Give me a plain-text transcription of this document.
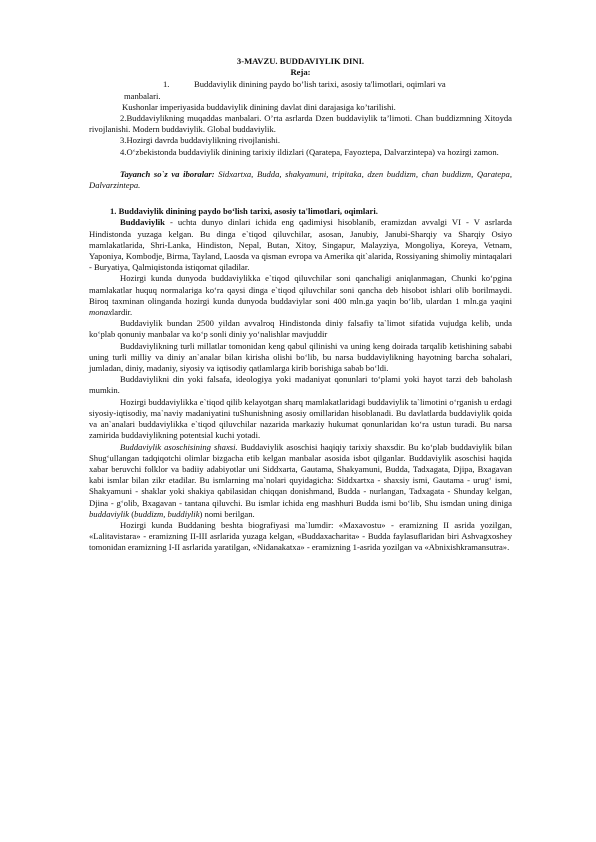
3-MAVZU. BUDDAVIYLIK DINI.
Reja:
1.	Buddaviylik dinining paydo bo’lish tarixi, asosiy ta'limotlari, oqimlari va

manbalari.

Kushonlar imperiyasida buddaviylik dinining davlat dini darajasiga ko’tarilishi.

2.Buddaviylikning muqaddas manbalari. O’rta asrlarda Dzen buddaviylik ta’limoti. Chan buddizmning Xitoyda rivojlanishi. Modern buddaviylik. Global buddaviylik.

3.Hozirgi davrda buddaviylikning rivojlanishi.

4.O‘zbekistonda buddaviylik dinining tarixiy ildizlari (Qaratepa, Fayoztepa, Dalvarzintepa) va hozirgi zamon.

Tayanch so`z va iboralar: Sidxartxa, Budda, shakyamuni, tripitaka, dzen buddizm, chan buddizm, Qaratepa, Dalvarzintepa.

1. Buddaviylik dinining paydo bo‘lish tarixi, asosiy ta'limotlari, oqimlari.

Buddaviylik - uchta dunyo dinlari ichida eng qadimiysi hisoblanib, eramizdan avvalgi VI - V asrlarda Hindistonda yuzaga kelgan. Bu dinga e`tiqod qiluvchilar, asosan, Janubiy, Janubi-Sharqiy va Sharqiy Osiyo mamlakatlarida, Shri-Lanka, Hindiston, Nepal, Butan, Xitoy, Singapur, Malayziya, Mongoliya, Koreya, Vetnam, Yaponiya, Kombodje, Birma, Tayland, Laosda va qisman evropa va Amerika qit`alarida, Rossiyaning shimoliy mintaqalari - Buryatiya, Qalmiqistonda istiqomat qiladilar.

Hozirgi kunda dunyoda buddaviylikka e`tiqod qiluvchilar soni qanchaligi aniqlanmagan, Chunki ko‘pgina mamlakatlar huquq normalariga ko‘ra qaysi dinga e`tiqod qiluvchilar soni qancha deb hisobot ishlari olib borilmaydi. Biroq taxminan olinganda hozirgi kunda dunyoda buddaviylar soni 400 mln.ga yaqin bo‘lib, ulardan 1 mln.ga yaqini monaxlardir.

Buddaviylik bundan 2500 yildan avvalroq Hindistonda diniy falsafiy ta`limot sifatida vujudga kelib, unda ko‘plab qonuniy manbalar va ko‘p sonli diniy yo‘nalishlar mavjuddir

Buddaviylikning turli millatlar tomonidan keng qabul qilinishi va uning keng doirada tarqalib ketishining sababi uning turli milliy va diniy an`analar bilan kirisha olishi bo‘lib, bu narsa buddaviylikning hayotning barcha sohalari, jumladan, diniy, madaniy, siyosiy va iqtisodiy qatlamlarga kirib borishiga sabab bo‘ldi.

Buddaviylikni din yoki falsafa, ideologiya yoki madaniyat qonunlari to‘plami yoki hayot tarzi deb baholash mumkin.

Hozirgi buddaviylikka e`tiqod qilib kelayotgan sharq mamlakatlaridagi buddaviylik ta`limotini o‘rganish u erdagi siyosiy-iqtisodiy, ma`naviy madaniyatini tuShunishning asosiy omillaridan hisoblanadi. Bu davlatlarda buddaviylik qoida va an`analari buddaviylikka e`tiqod qiluvchilar nazarida markaziy hukumat qonunlaridan ko‘ra ustun turadi. Bu narsa zamirida buddaviylikning potentsial kuchi yotadi.

Buddaviylik asoschisining shaxsi. Buddaviylik asoschisi haqiqiy tarixiy shaxsdir. Bu ko‘plab buddaviylik bilan Shug‘ullangan tadqiqotchi olimlar bizgacha etib kelgan manbalar asosida isbot qilganlar. Buddaviylik asoschisi haqida xabar beruvchi folklor va badiiy adabiyotlar uni Siddxarta, Gautama, Shakyamuni, Budda, Tadxagata, Djipa, Bxagavan kabi ismlar bilan zikr etadilar. Bu ismlarning ma`nolari quyidagicha: Siddxartxa - shaxsiy ismi, Gautama - urug‘ ismi, Shakyamuni - shaklar yoki shakiya qabilasidan chiqqan donishmand, Budda - nurlangan, Tadxagata - Shunday kelgan, Djina - g‘olib, Bxagavan - tantana qiluvchi. Bu ismlar ichida eng mashhuri Budda ismi bo‘lib, Shu ismdan uning diniga buddaviylik (buddizm, buddiylik) nomi berilgan.

Hozirgi kunda Buddaning beshta biografiyasi ma`lumdir: «Maxavostu» - eramizning II asrida yozilgan, «Lalitavistara» - eramizning II-III asrlarida yuzaga kelgan, «Buddaxacharita» - Budda faylasuflaridan biri Ashvagxoshey tomonidan eramizning I-II asrlarida yaratilgan, «Nidanakatxa» - eramizning 1-asrida yozilgan va «Abnixishkramansutra».
